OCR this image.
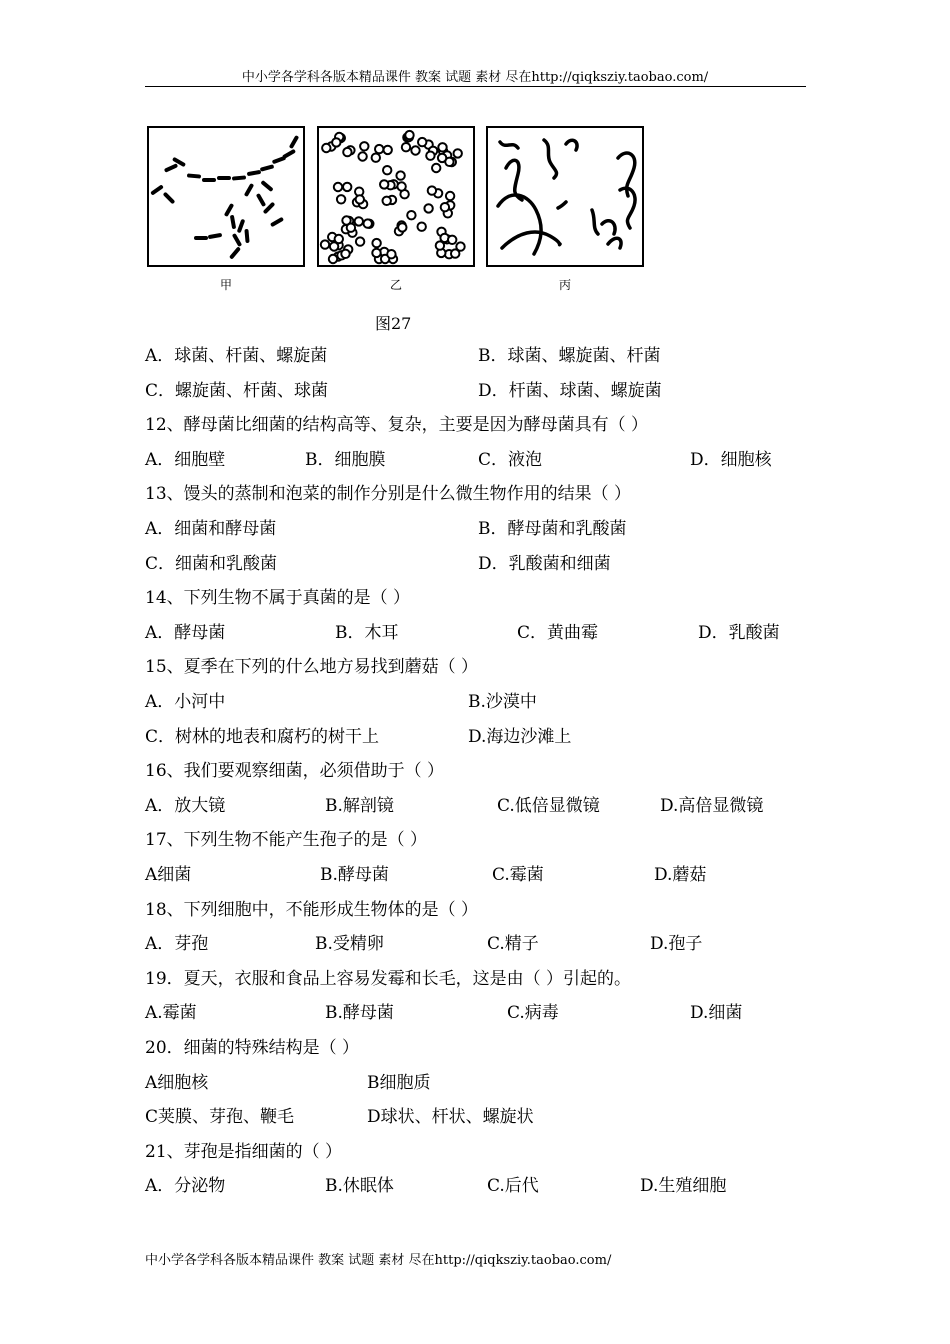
中小学各学科各版本精品课件 教案 试题 素材 尽在http://qiqksziy.taobao.com/
甲	乙	丙
图27
A．球菌、杆菌、螺旋菌	B．球菌、螺旋菌、杆菌
C．螺旋菌、杆菌、球菌	D．杆菌、球菌、螺旋菌
12、酵母菌比细菌的结构高等、复杂，主要是因为酵母菌具有（ ）
A．细胞壁	B．细胞膜	C．液泡	D．细胞核
13、馒头的蒸制和泡菜的制作分别是什么微生物作用的结果（ ）
A．细菌和酵母菌	B．酵母菌和乳酸菌
C．细菌和乳酸菌	D．乳酸菌和细菌
14、下列生物不属于真菌的是（ ）
A．酵母菌	B．木耳	C．黄曲霉	D．乳酸菌
15、夏季在下列的什么地方易找到蘑菇（ ）
A．小河中	B.沙漠中
C．树林的地表和腐朽的树干上	D.海边沙滩上
16、我们要观察细菌，必须借助于（ ）
A．放大镜	B.解剖镜	C.低倍显微镜	D.高倍显微镜
17、下列生物不能产生孢子的是（ ）
A细菌	B.酵母菌	C.霉菌	D.蘑菇
18、下列细胞中，不能形成生物体的是（ ）
A．芽孢	B.受精卵	C.精子	D.孢子
19．夏天，衣服和食品上容易发霉和长毛，这是由（ ）引起的。
A.霉菌	B.酵母菌	C.病毒	D.细菌
20．细菌的特殊结构是（ ）
A细胞核	B细胞质
C荚膜、芽孢、鞭毛	D球状、杆状、螺旋状
21、芽孢是指细菌的（ ）
A．分泌物	B.休眠体	C.后代	D.生殖细胞
中小学各学科各版本精品课件 教案 试题 素材 尽在http://qiqksziy.taobao.com/
